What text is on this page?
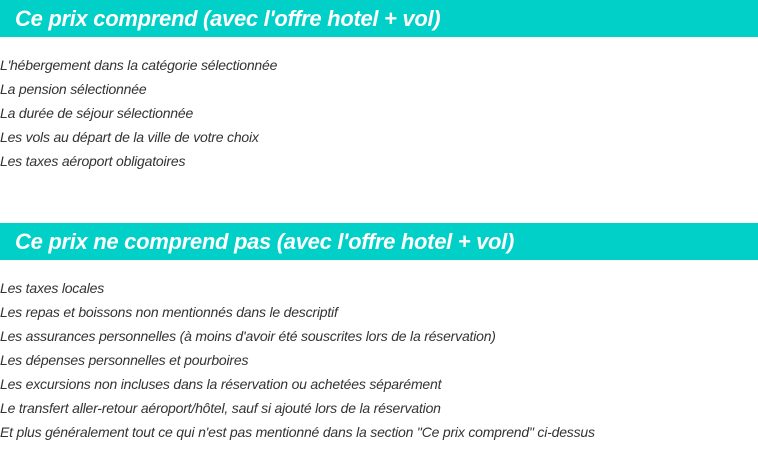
Ce prix comprend (avec l'offre hotel + vol)
L'hébergement dans la catégorie sélectionnée
La pension sélectionnée
La durée de séjour sélectionnée
Les vols au départ de la ville de votre choix
Les taxes aéroport obligatoires
Ce prix ne comprend pas (avec l'offre hotel + vol)
Les taxes locales
Les repas et boissons non mentionnés dans le descriptif
Les assurances personnelles (à moins d'avoir été souscrites lors de la réservation)
Les dépenses personnelles et pourboires
Les excursions non incluses dans la réservation ou achetées séparément
Le transfert aller-retour aéroport/hôtel, sauf si ajouté lors de la réservation
Et plus généralement tout ce qui n'est pas mentionné dans la section "Ce prix comprend" ci-dessus
